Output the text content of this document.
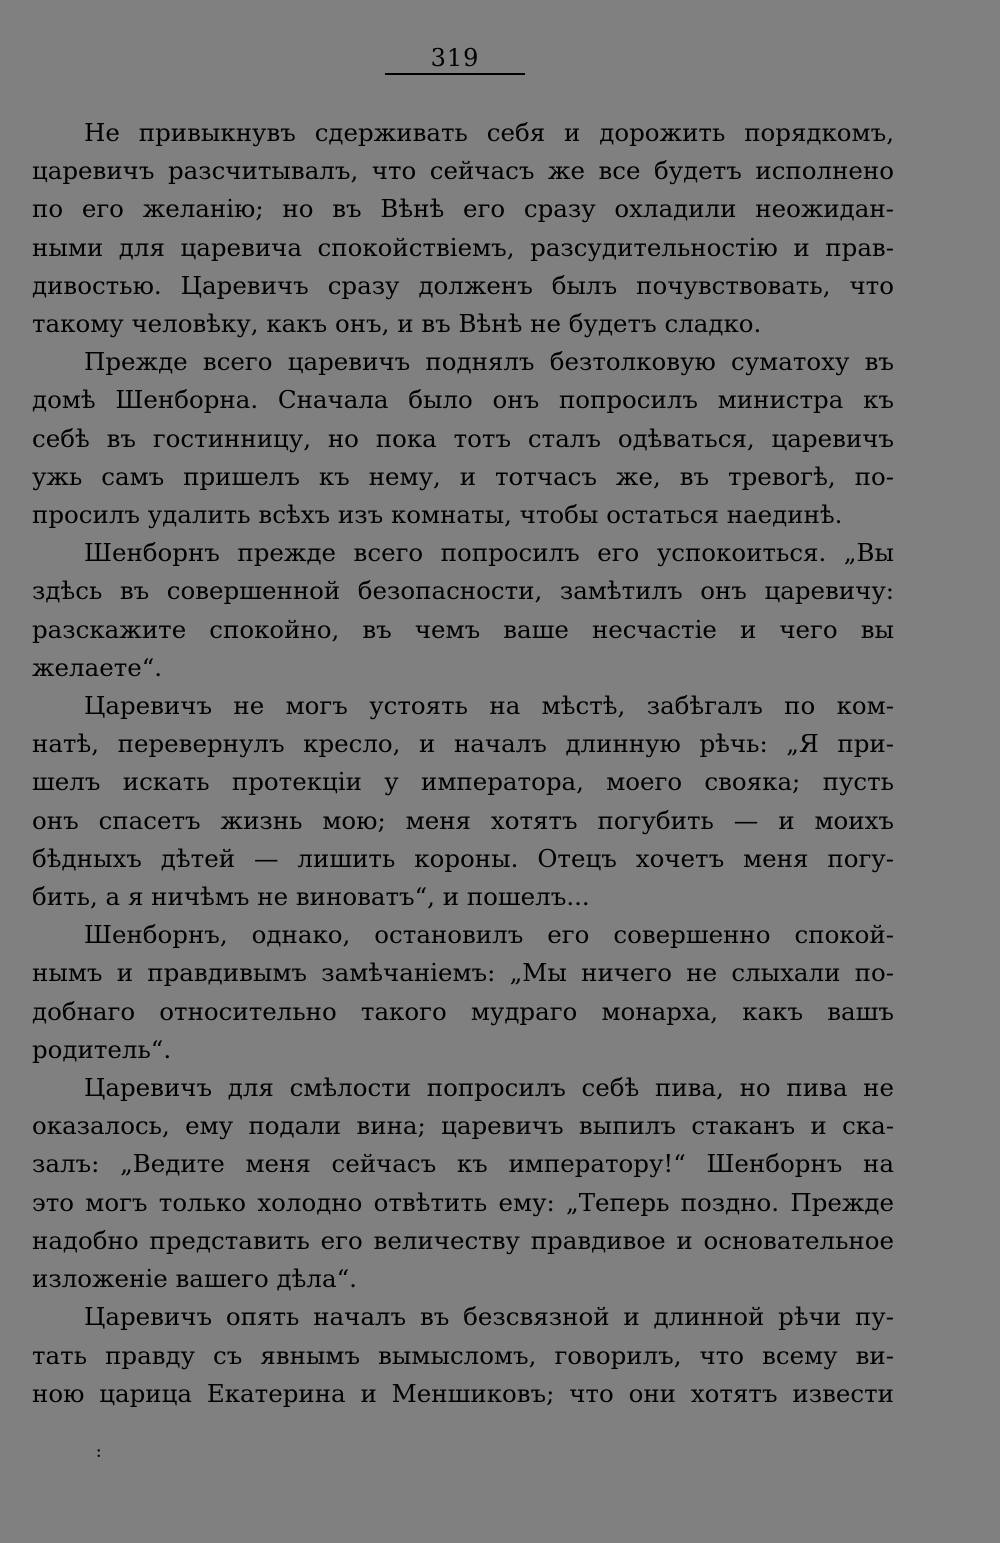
319
Не привыкнувъ сдерживать себя и дорожить порядкомъ,
царевичъ разсчитывалъ, что сейчасъ же все будетъ исполнено
по его желанiю; но въ Вѣнѣ его сразу охладили неожидан-
ными для царевича спокойствiемъ, разсудительностiю и прав-
дивостью. Царевичъ сразу долженъ былъ почувствовать, что
такому человѣку, какъ онъ, и въ Вѣнѣ не будетъ сладко.
Прежде всего царевичъ поднялъ безтолковую суматоху въ
домѣ Шенборна. Сначала было онъ попросилъ министра къ
себѣ въ гостинницу, но пока тотъ сталъ одѣваться, царевичъ
ужь самъ пришелъ къ нему, и тотчасъ же, въ тревогѣ, по-
просилъ удалить всѣхъ изъ комнаты, чтобы остаться наединѣ.
Шенборнъ прежде всего попросилъ его успокоиться. „Вы
здѣсь въ совершенной безопасности, замѣтилъ онъ царевичу:
разскажите спокойно, въ чемъ ваше несчастiе и чего вы
желаете“.
Царевичъ не могъ устоять на мѣстѣ, забѣгалъ по ком-
натѣ, перевернулъ кресло, и началъ длинную рѣчь: „Я при-
шелъ искать протекцiи у императора, моего свояка; пусть
онъ спасетъ жизнь мою; меня хотятъ погубить — и моихъ
бѣдныхъ дѣтей — лишить короны. Отецъ хочетъ меня погу-
бить, а я ничѣмъ не виноватъ“, и пошелъ...
Шенборнъ, однако, остановилъ его совершенно спокой-
нымъ и правдивымъ замѣчанiемъ: „Мы ничего не слыхали по-
добнаго относительно такого мудраго монарха, какъ вашъ
родитель“.
Царевичъ для смѣлости попросилъ себѣ пива, но пива не
оказалось, ему подали вина; царевичъ выпилъ стаканъ и ска-
залъ: „Ведите меня сейчасъ къ императору!“ Шенборнъ на
это могъ только холодно отвѣтить ему: „Теперь поздно. Прежде
надобно представить его величеству правдивое и основательное
изложенiе вашего дѣла“.
Царевичъ опять началъ въ безсвязной и длинной рѣчи пу-
тать правду съ явнымъ вымысломъ, говорилъ, что всему ви-
ною царица Екатерина и Меншиковъ; что они хотятъ извести
꞉
